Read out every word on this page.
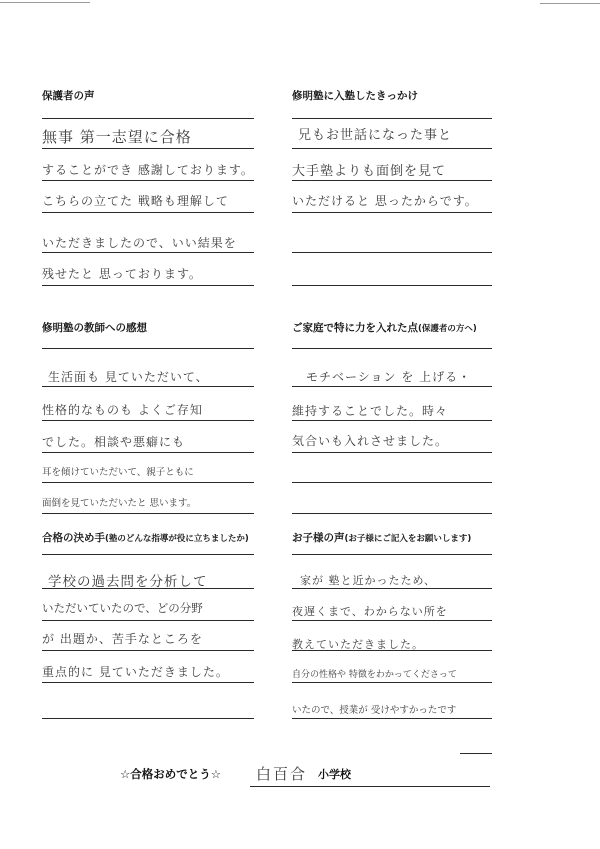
保護者の声
無事 第一志望に合格
することができ 感謝しております。
こちらの立てた 戦略も理解して
いただきましたので、いい結果を
残せたと 思っております。
修明塾に入塾したきっかけ
兄もお世話になった事と
大手塾よりも面倒を見て
いただけると 思ったからです。
修明塾の教師への感想
生活面も 見ていただいて、
性格的なものも よくご存知
でした。相談や悪癖にも
耳を傾けていただいて、親子ともに
面倒を見ていただいたと 思います。
ご家庭で特に力を入れた点(保護者の方へ)
モチベーション を 上げる・
維持することでした。時々
気合いも入れさせました。
合格の決め手(塾のどんな指導が役に立ちましたか)
学校の過去問を分析して
いただいていたので、どの分野
が 出題か、苦手なところを
重点的に 見ていただきました。
お子様の声(お子様にご記入をお願いします)
家が 塾と近かったため、
夜遅くまで、わからない所を
教えていただきました。
自分の性格や 特徴をわかってくださって
いたので、授業が 受けやすかったです
☆合格おめでとう☆ 白百合 小学校
